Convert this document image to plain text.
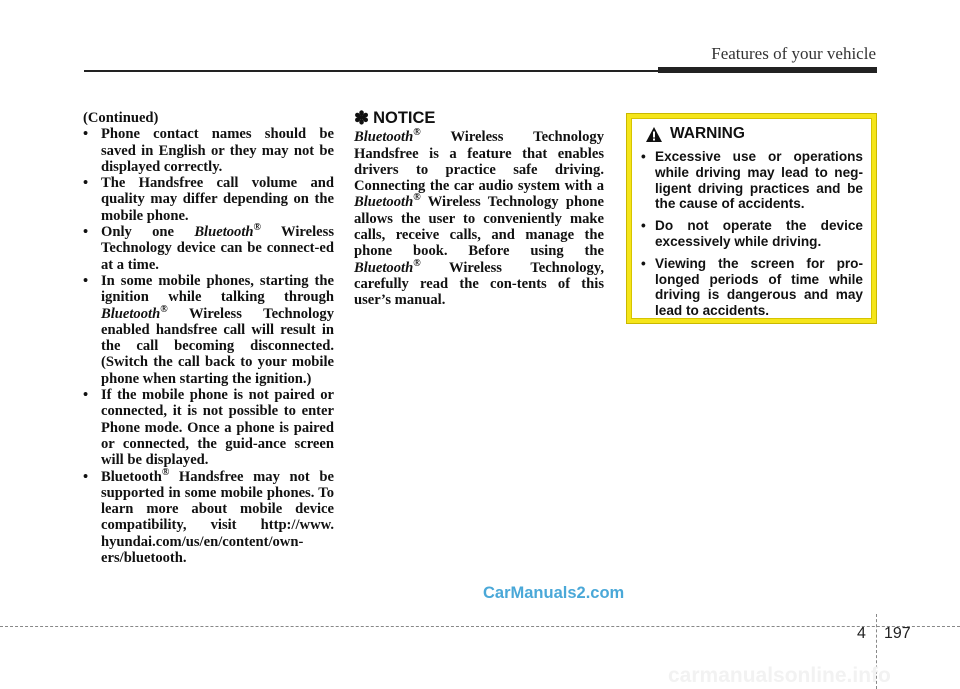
Features of your vehicle

(Continued)

• Phone contact names should be saved in English or they may not be displayed correctly.
• The Handsfree call volume and quality may differ depending on the mobile phone.
• Only one Bluetooth® Wireless Technology device can be connect-ed at a time.
• In some mobile phones, starting the ignition while talking through Bluetooth® Wireless Technology enabled handsfree call will result in the call becoming disconnected. (Switch the call back to your mobile phone when starting the ignition.)
• If the mobile phone is not paired or connected, it is not possible to enter Phone mode. Once a phone is paired or connected, the guid-ance screen will be displayed.
• Bluetooth® Handsfree may not be supported in some mobile phones. To learn more about mobile device compatibility, visit http://www. hyundai.com/us/en/content/own-ers/bluetooth.
✽ NOTICE

Bluetooth® Wireless Technology Handsfree is a feature that enables drivers to practice safe driving. Connecting the car audio system with a Bluetooth® Wireless Technology phone allows the user to conveniently make calls, receive calls, and manage the phone book. Before using the Bluetooth® Wireless Technology, carefully read the con-tents of this user’s manual.

WARNING
• Excessive use or operations while driving may lead to neg-ligent driving practices and be the cause of accidents.
• Do not operate the device excessively while driving.
• Viewing the screen for pro-longed periods of time while driving is dangerous and may lead to accidents.
CarManuals2.com
4 197
carmanualsonline.info
